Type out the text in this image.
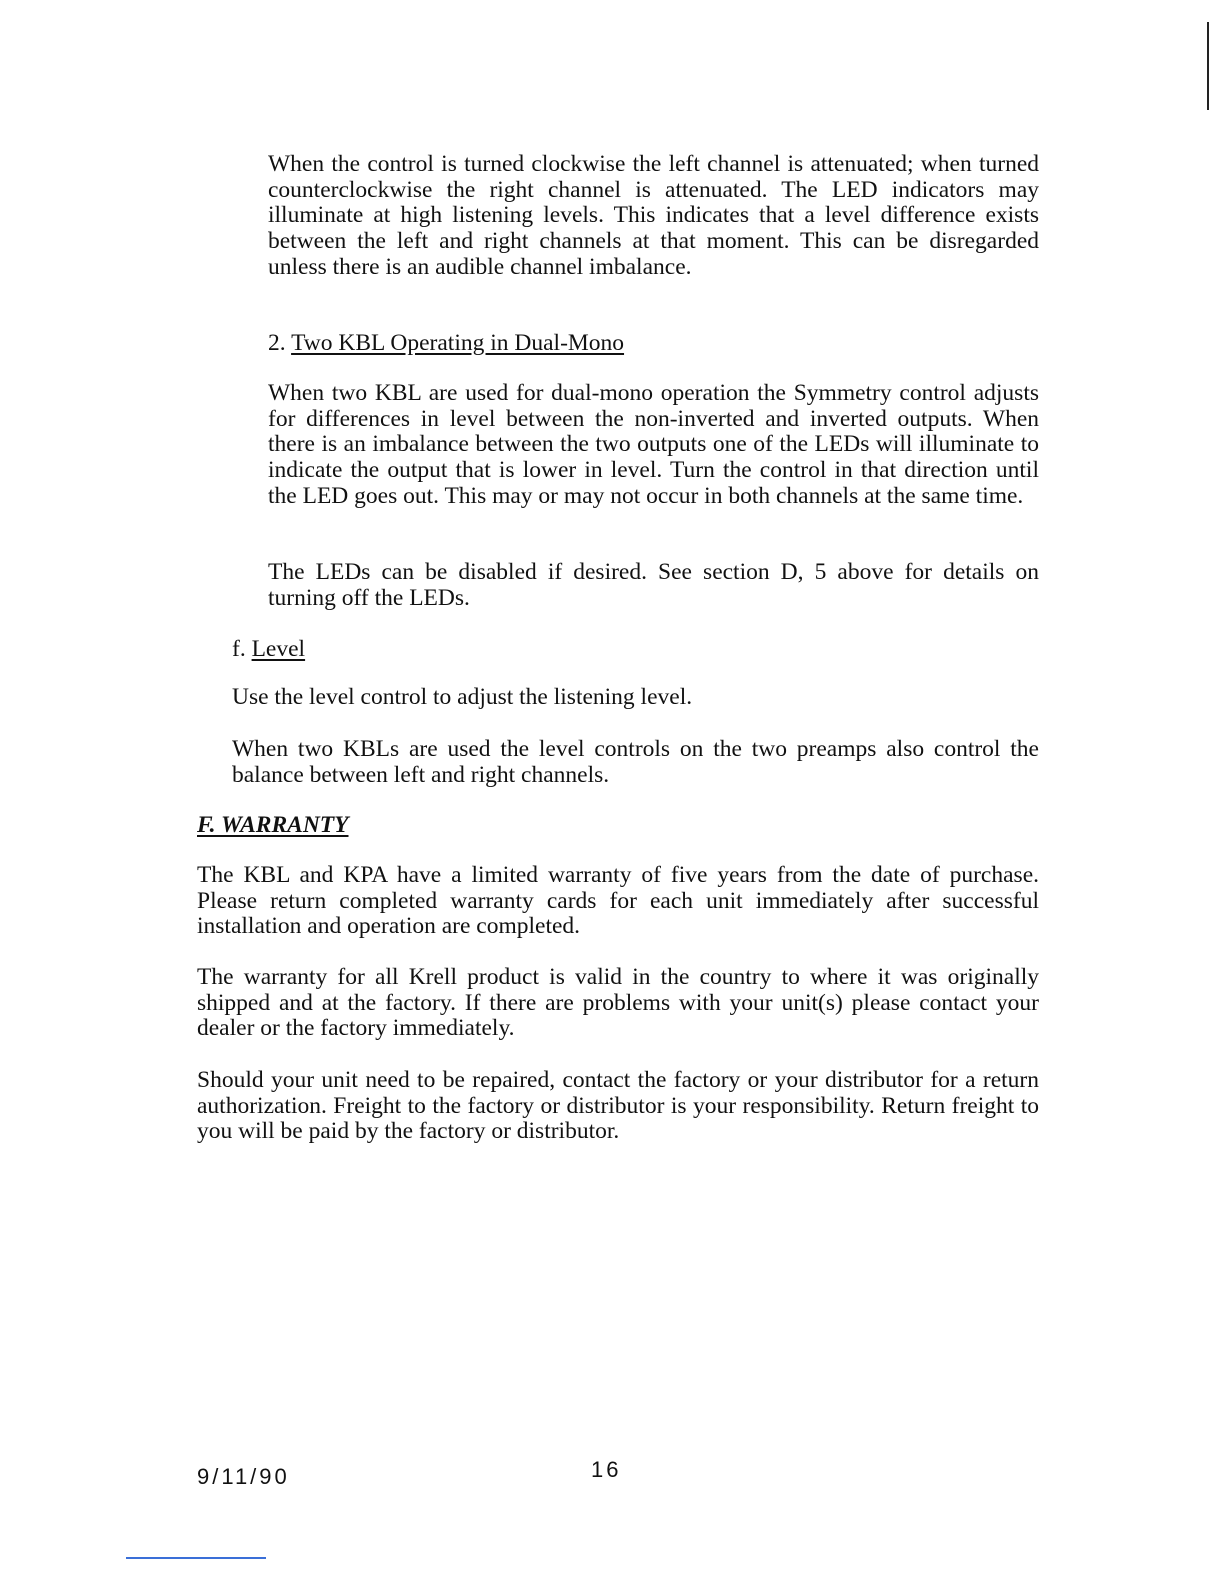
When the control is turned clockwise the left channel is attenuated; when turned counterclockwise the right channel is attenuated. The LED indicators may illuminate at high listening levels. This indicates that a level difference exists between the left and right channels at that moment. This can be disregarded unless there is an audible channel imbalance.

2. Two KBL Operating in Dual-Mono

When two KBL are used for dual-mono operation the Symmetry control adjusts for differences in level between the non-inverted and inverted outputs. When there is an imbalance between the two outputs one of the LEDs will illuminate to indicate the output that is lower in level. Turn the control in that direction until the LED goes out. This may or may not occur in both channels at the same time.

The LEDs can be disabled if desired. See section D, 5 above for details on turning off the LEDs.

f. Level

Use the level control to adjust the listening level.

When two KBLs are used the level controls on the two preamps also control the balance between left and right channels.

F. WARRANTY

The KBL and KPA have a limited warranty of five years from the date of purchase. Please return completed warranty cards for each unit immediately after successful installation and operation are completed.

The warranty for all Krell product is valid in the country to where it was originally shipped and at the factory. If there are problems with your unit(s) please contact your dealer or the factory immediately.

Should your unit need to be repaired, contact the factory or your distributor for a return authorization. Freight to the factory or distributor is your responsibility. Return freight to you will be paid by the factory or distributor.

9/11/90	16
